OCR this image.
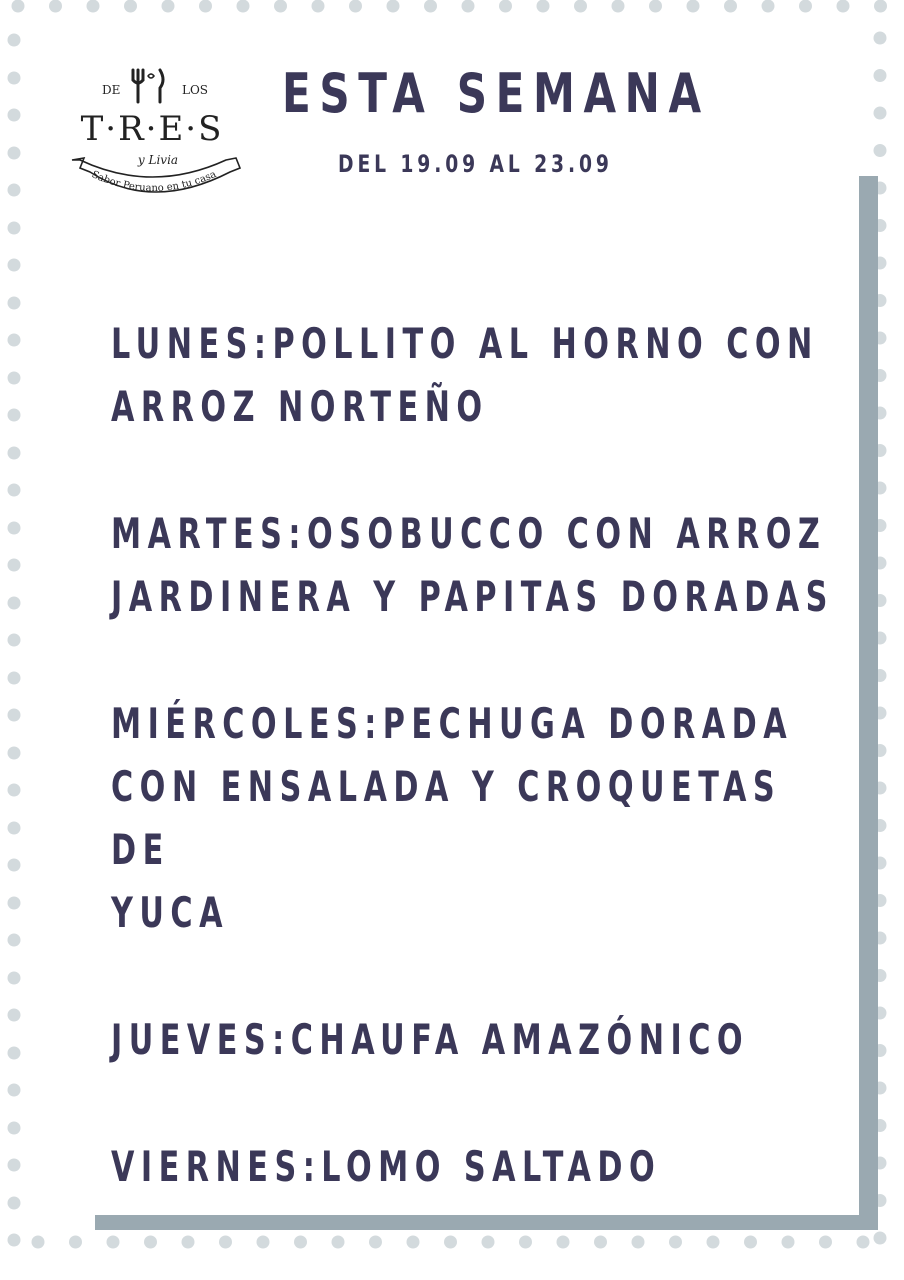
DE	LOS
T·R·E·S
y Livia
Sabor Peruano en tu casa
ESTA SEMANA
DEL 19.09 AL 23.09
LUNES:POLLITO AL HORNO CON
ARROZ NORTEÑO
MARTES:OSOBUCCO CON ARROZ
JARDINERA Y PAPITAS DORADAS
MIÉRCOLES:PECHUGA DORADA
CON ENSALADA Y CROQUETAS DE
YUCA
JUEVES:CHAUFA AMAZÓNICO
VIERNES:LOMO SALTADO
